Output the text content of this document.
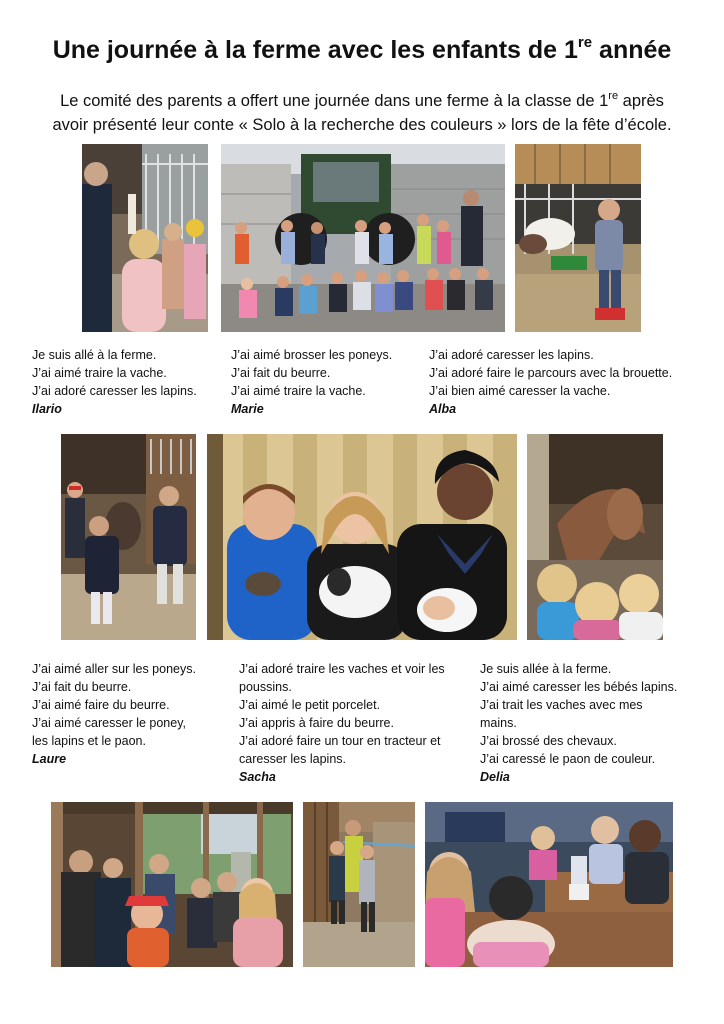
Une journée à la ferme avec les enfants de 1re année
Le comité des parents a offert une journée dans une ferme à la classe de 1re après
avoir présenté leur conte « Solo à la recherche des couleurs » lors de la fête d’école.
Je suis allé à la ferme.
J’ai aimé traire la vache.
J’ai adoré caresser les lapins.
Ilario
J’ai aimé brosser les poneys.
J’ai fait du beurre.
J’ai aimé traire la vache.
Marie
J’ai adoré caresser les lapins.
J’ai adoré faire le parcours avec la brouette.
J’ai bien aimé caresser la vache.
Alba
J’ai aimé aller sur les poneys.
J’ai fait du beurre.
J’ai aimé faire du beurre.
J’ai aimé caresser le poney,
les lapins et le paon.
Laure
J’ai adoré traire les vaches et voir les
poussins.
J’ai aimé le petit porcelet.
J’ai appris à faire du beurre.
J’ai adoré faire un tour en tracteur et
caresser les lapins.
Sacha
Je suis allée à la ferme.
J’ai aimé caresser les bébés lapins.
J’ai trait les vaches avec mes
mains.
J’ai brossé des chevaux.
J’ai caressé le paon de couleur.
Delia
